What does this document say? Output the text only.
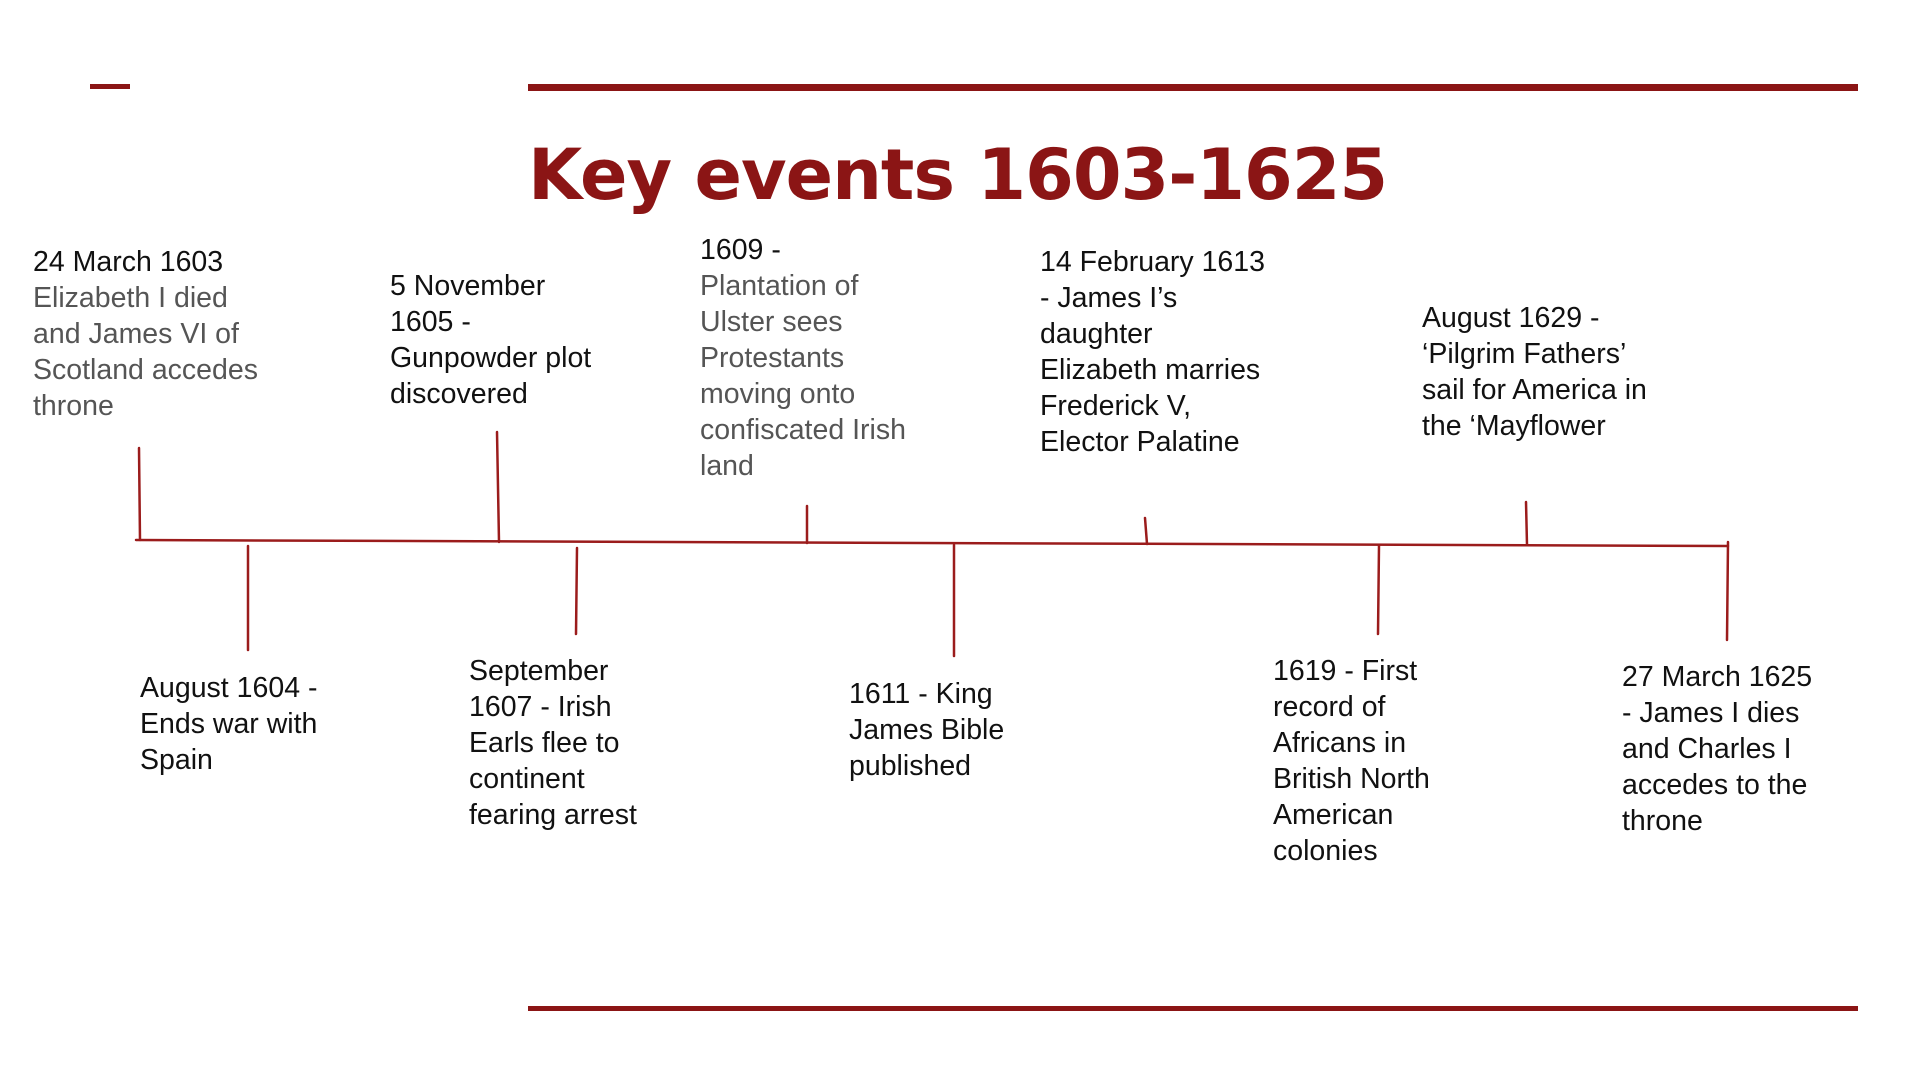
Key events 1603-1625
24 March 1603
Elizabeth I died and James VI of Scotland accedes throne
August 1604 -
Ends war with Spain
5 November 1605 -
Gunpowder plot discovered
September 1607 - Irish
Earls flee to continent fearing arrest
1609 -
Plantation of Ulster sees Protestants moving onto confiscated Irish land
1611 - King
James Bible published
14 February 1613 - James I’s
daughter Elizabeth marries Frederick V, Elector Palatine
1619 - First
record of Africans in British North American colonies
August 1629 -
‘Pilgrim Fathers’ sail for America in the ‘Mayflower
27 March 1625
- James I dies and Charles I accedes to the throne
